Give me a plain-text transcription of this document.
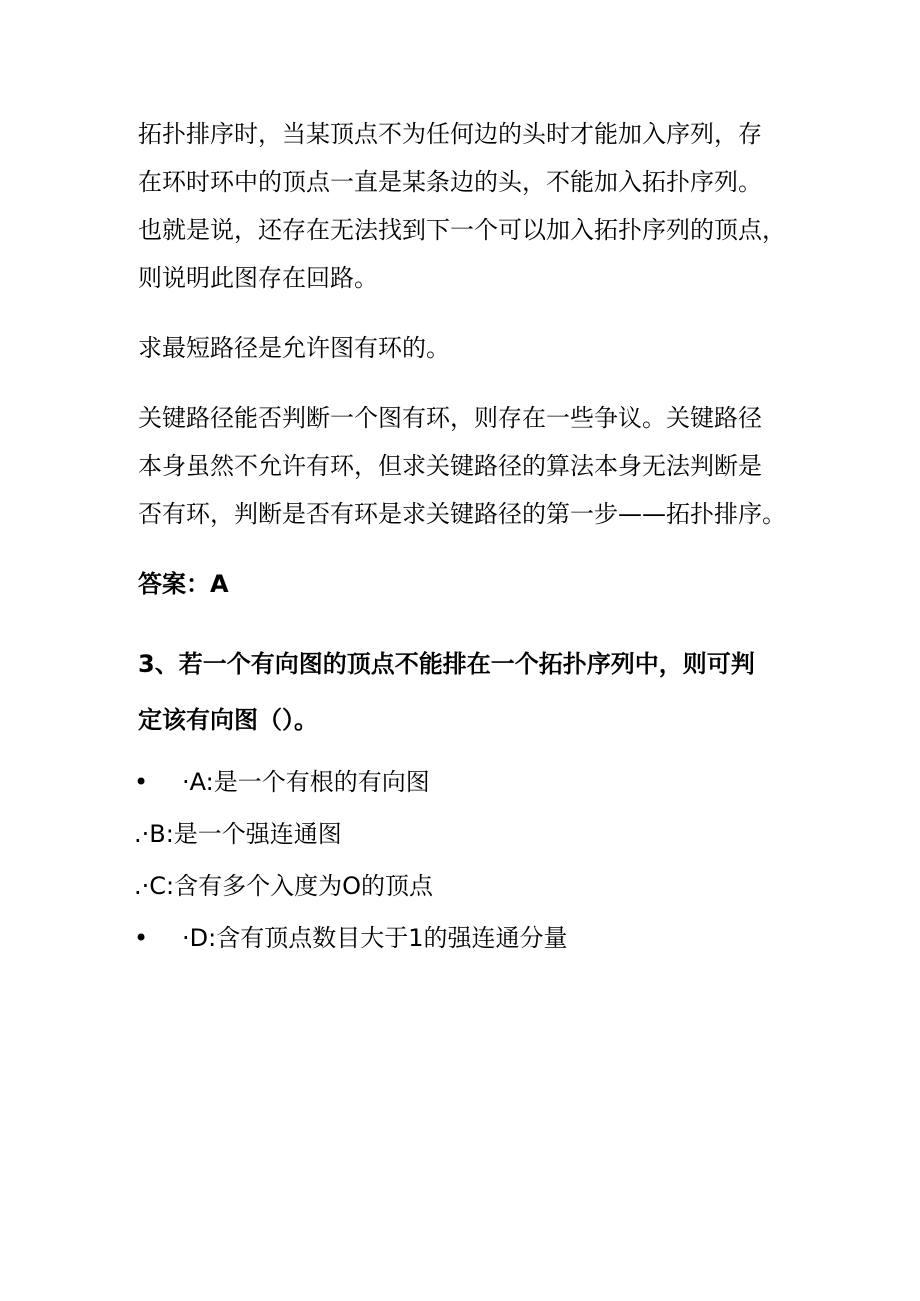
拓扑排序时，当某顶点不为任何边的头时才能加入序列，存
在环时环中的顶点一直是某条边的头，不能加入拓扑序列。
也就是说，还存在无法找到下一个可以加入拓扑序列的顶点，
则说明此图存在回路。
求最短路径是允许图有环的。
关键路径能否判断一个图有环，则存在一些争议。关键路径
本身虽然不允许有环，但求关键路径的算法本身无法判断是
否有环，判断是否有环是求关键路径的第一步——拓扑排序。
答案：A
3、若一个有向图的顶点不能排在一个拓扑序列中，则可判
定该有向图（）。
• ·A:是一个有根的有向图
.·B:是一个强连通图
.·C:含有多个入度为O的顶点
• ·D:含有顶点数目大于1的强连通分量
